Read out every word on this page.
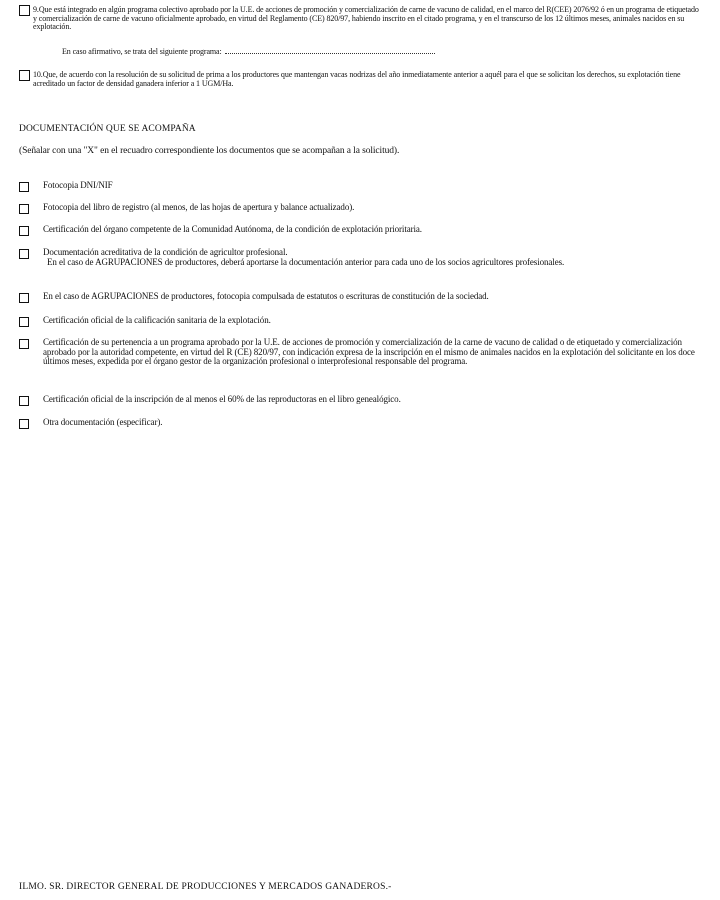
9.Que está integrado en algún programa colectivo aprobado por la U.E. de acciones de promoción y comercialización de carne de vacuno de calidad, en el marco del R(CEE) 2076/92 ó en un programa de etiquetado y comercialización de carne de vacuno oficialmente aprobado, en virtud del Reglamento (CE) 820/97, habiendo inscrito en el citado programa, y en el transcurso de los 12 últimos meses, animales nacidos en su explotación.
En caso afirmativo, se trata del siguiente programa:
10.Que, de acuerdo con la resolución de su solicitud de prima a los productores que mantengan vacas nodrizas del año inmediatamente anterior a aquél para el que se solicitan los derechos, su explotación tiene acreditado un factor de densidad ganadera inferior a 1 UGM/Ha.
DOCUMENTACIÓN QUE SE ACOMPAÑA
(Señalar con una "X" en el recuadro correspondiente los documentos que se acompañan a la solicitud).
Fotocopia DNI/NIF
Fotocopia del libro de registro (al menos, de las hojas de apertura y balance actualizado).
Certificación del órgano competente de la Comunidad Autónoma, de la condición de explotación prioritaria.
Documentación acreditativa de la condición de agricultor profesional.
En el caso de AGRUPACIONES de productores, deberá aportarse la documentación anterior para cada uno de los socios agricultores profesionales.
En el caso de AGRUPACIONES de productores, fotocopia compulsada de estatutos o escrituras de constitución de la sociedad.
Certificación oficial de la calificación sanitaria de la explotación.
Certificación de su pertenencia a un programa aprobado por la U.E. de acciones de promoción y comercialización de la carne de vacuno de calidad o de etiquetado y comercialización aprobado por la autoridad competente, en virtud del R (CE) 820/97, con indicación expresa de la inscripción en el mismo de animales nacidos en la explotación del solicitante en los doce últimos meses, expedida por el órgano gestor de la organización profesional o interprofesional responsable del programa.
Certificación oficial de la inscripción de al menos el 60% de las reproductoras en el libro genealógico.
Otra documentación (especificar).
ILMO. SR. DIRECTOR GENERAL DE PRODUCCIONES Y MERCADOS GANADEROS.-
